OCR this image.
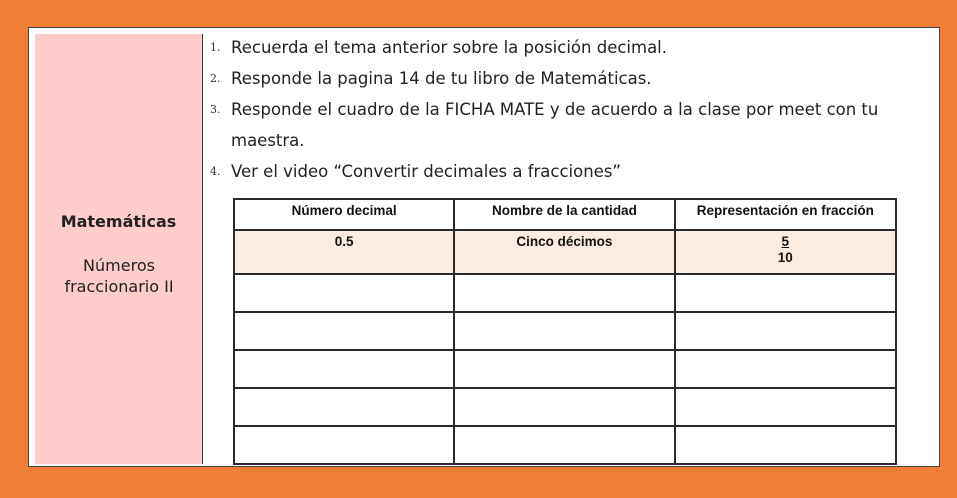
Matemáticas
Números fraccionario II
1. Recuerda el tema anterior sobre la posición decimal.
2. Responde la pagina 14 de tu libro de Matemáticas.
3. Responde el cuadro de la FICHA MATE y de acuerdo a la clase por meet con tu maestra.
4. Ver el video “Convertir decimales a fracciones”
Número decimal	Nombre de la cantidad	Representación en fracción
0.5	Cinco décimos	$\frac{5}{10}$
